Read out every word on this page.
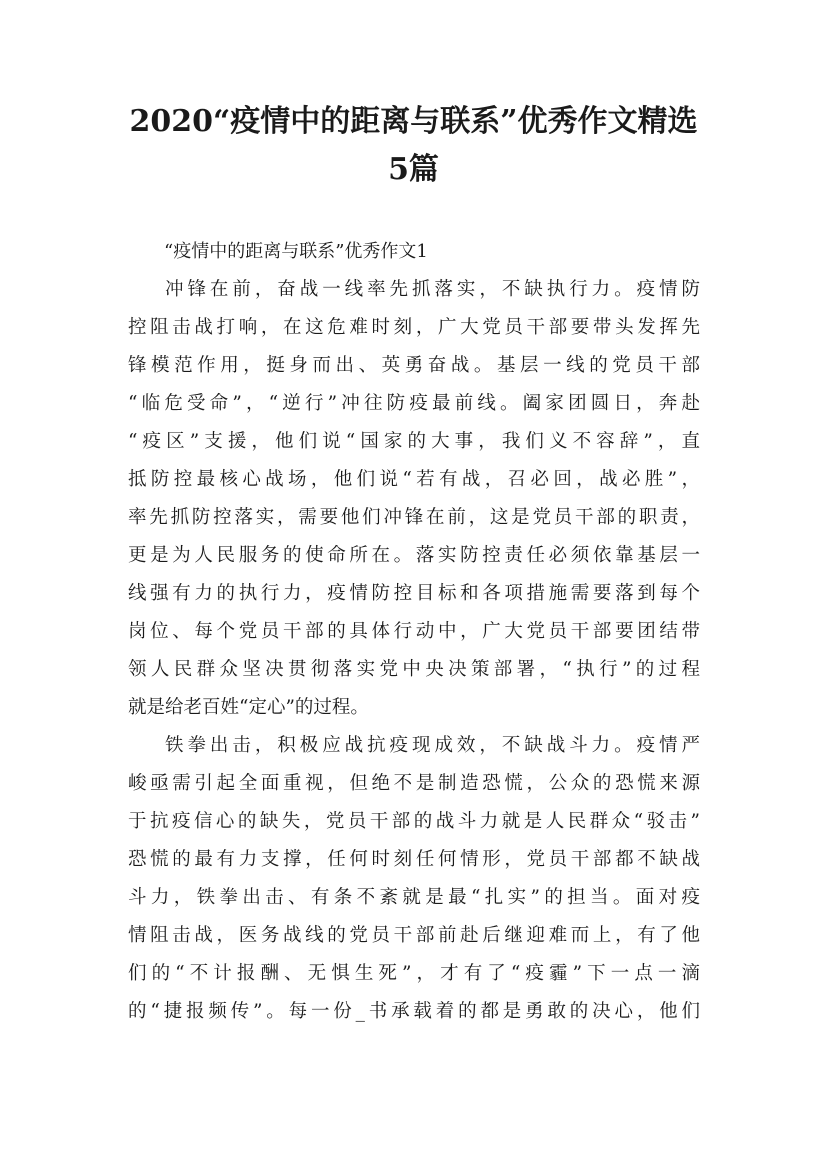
2020“疫情中的距离与联系”优秀作文精选
5篇

“疫情中的距离与联系”优秀作文1

冲锋在前，奋战一线率先抓落实，不缺执行力。疫情防
控阻击战打响，在这危难时刻，广大党员干部要带头发挥先
锋模范作用，挺身而出、英勇奋战。基层一线的党员干部
“临危受命”，“逆行”冲往防疫最前线。阖家团圆日，奔赴
“疫区”支援，他们说“国家的大事，我们义不容辞”，直
抵防控最核心战场，他们说“若有战，召必回，战必胜”，
率先抓防控落实，需要他们冲锋在前，这是党员干部的职责，
更是为人民服务的使命所在。落实防控责任必须依靠基层一
线强有力的执行力，疫情防控目标和各项措施需要落到每个
岗位、每个党员干部的具体行动中，广大党员干部要团结带
领人民群众坚决贯彻落实党中央决策部署，“执行”的过程
就是给老百姓“定心”的过程。

铁拳出击，积极应战抗疫现成效，不缺战斗力。疫情严
峻亟需引起全面重视，但绝不是制造恐慌，公众的恐慌来源
于抗疫信心的缺失，党员干部的战斗力就是人民群众“驳击”
恐慌的最有力支撑，任何时刻任何情形，党员干部都不缺战
斗力，铁拳出击、有条不紊就是最“扎实”的担当。面对疫
情阻击战，医务战线的党员干部前赴后继迎难而上，有了他
们的“不计报酬、无惧生死”，才有了“疫霾”下一点一滴
的“捷报频传”。每一份_书承载着的都是勇敢的决心，他们
